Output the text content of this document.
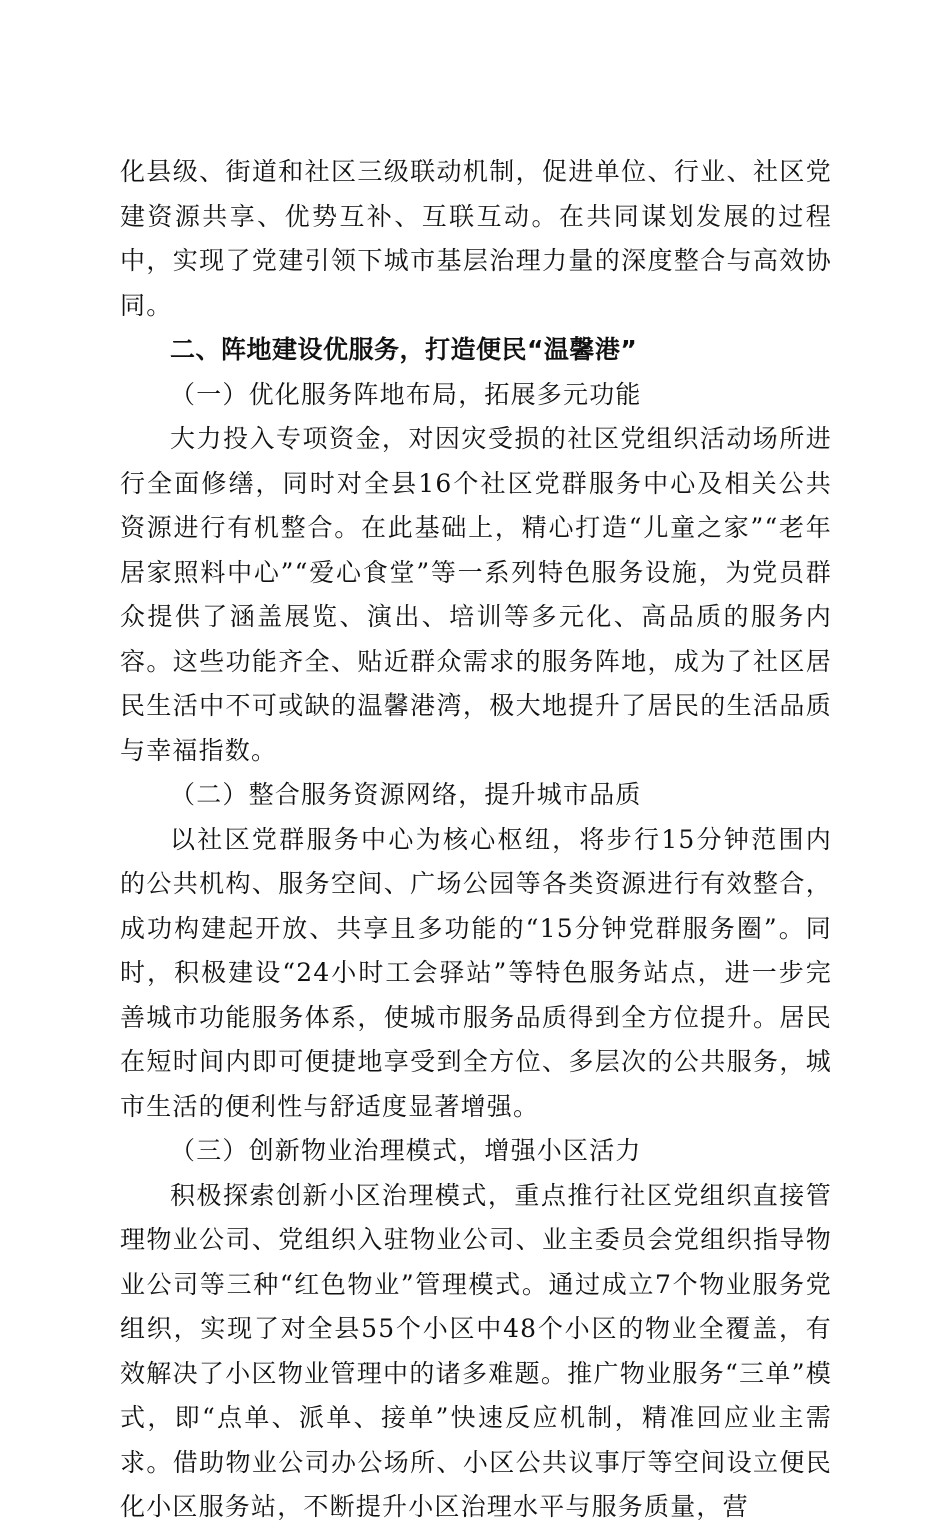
化县级、街道和社区三级联动机制，促进单位、行业、社区党建资源共享、优势互补、互联互动。在共同谋划发展的过程中，实现了党建引领下城市基层治理力量的深度整合与高效协同。

二、阵地建设优服务，打造便民“温馨港”

（一）优化服务阵地布局，拓展多元功能

大力投入专项资金，对因灾受损的社区党组织活动场所进行全面修缮，同时对全县16个社区党群服务中心及相关公共资源进行有机整合。在此基础上，精心打造“儿童之家”“老年居家照料中心”“爱心食堂”等一系列特色服务设施，为党员群众提供了涵盖展览、演出、培训等多元化、高品质的服务内容。这些功能齐全、贴近群众需求的服务阵地，成为了社区居民生活中不可或缺的温馨港湾，极大地提升了居民的生活品质与幸福指数。

（二）整合服务资源网络，提升城市品质

以社区党群服务中心为核心枢纽，将步行15分钟范围内的公共机构、服务空间、广场公园等各类资源进行有效整合，成功构建起开放、共享且多功能的“15分钟党群服务圈”。同时，积极建设“24小时工会驿站”等特色服务站点，进一步完善城市功能服务体系，使城市服务品质得到全方位提升。居民在短时间内即可便捷地享受到全方位、多层次的公共服务，城市生活的便利性与舒适度显著增强。

（三）创新物业治理模式，增强小区活力

积极探索创新小区治理模式，重点推行社区党组织直接管理物业公司、党组织入驻物业公司、业主委员会党组织指导物业公司等三种“红色物业”管理模式。通过成立7个物业服务党组织，实现了对全县55个小区中48个小区的物业全覆盖，有效解决了小区物业管理中的诸多难题。推广物业服务“三单”模式，即“点单、派单、接单”快速反应机制，精准回应业主需求。借助物业公司办公场所、小区公共议事厅等空间设立便民化小区服务站，不断提升小区治理水平与服务质量，营
